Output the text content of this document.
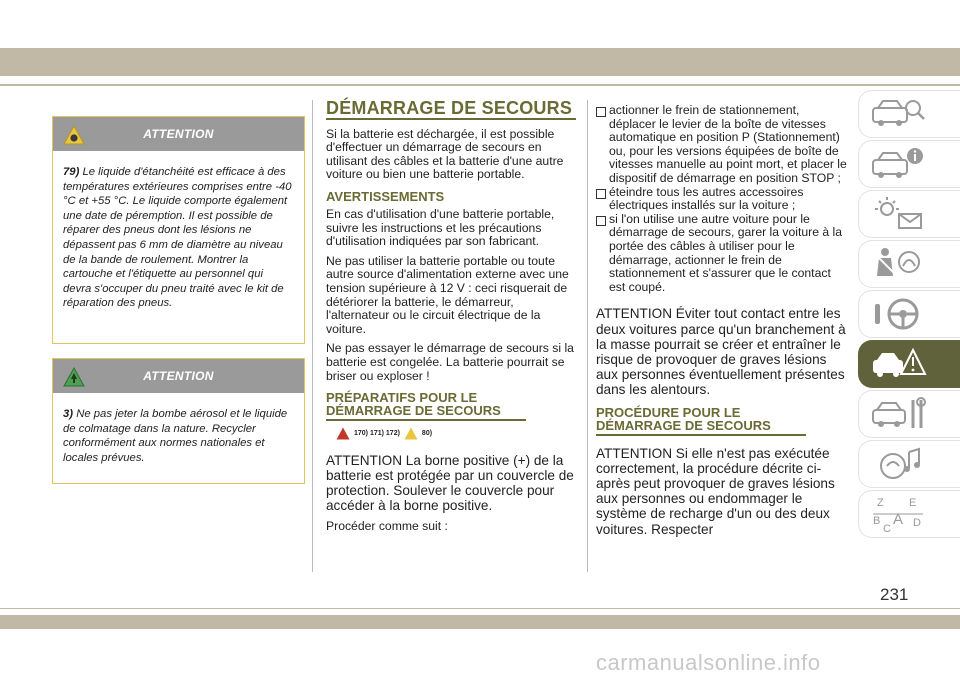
ATTENTION
79) Le liquide d'étanchéité est efficace à des températures extérieures comprises entre -40 °C et +55 °C. Le liquide comporte également une date de péremption. Il est possible de réparer des pneus dont les lésions ne dépassent pas 6 mm de diamètre au niveau de la bande de roulement. Montrer la cartouche et l'étiquette au personnel qui devra s'occuper du pneu traité avec le kit de réparation des pneus.
ATTENTION
3) Ne pas jeter la bombe aérosol et le liquide de colmatage dans la nature. Recycler conformément aux normes nationales et locales prévues.
DÉMARRAGE DE SECOURS

Si la batterie est déchargée, il est possible d'effectuer un démarrage de secours en utilisant des câbles et la batterie d'une autre voiture ou bien une batterie portable.

AVERTISSEMENTS

En cas d'utilisation d'une batterie portable, suivre les instructions et les précautions d'utilisation indiquées par son fabricant.

Ne pas utiliser la batterie portable ou toute autre source d'alimentation externe avec une tension supérieure à 12 V : ceci risquerait de détériorer la batterie, le démarreur, l'alternateur ou le circuit électrique de la voiture.

Ne pas essayer le démarrage de secours si la batterie est congelée. La batterie pourrait se briser ou exploser !

PRÉPARATIFS POUR LE DÉMARRAGE DE SECOURS
170) 171) 172)	80)

ATTENTION La borne positive (+) de la batterie est protégée par un couvercle de protection. Soulever le couvercle pour accéder à la borne positive.

Procéder comme suit :

actionner le frein de stationnement, déplacer le levier de la boîte de vitesses automatique en position P (Stationnement) ou, pour les versions équipées de boîte de vitesses manuelle au point mort, et placer le dispositif de démarrage en position STOP ;
éteindre tous les autres accessoires électriques installés sur la voiture ;
si l'on utilise une autre voiture pour le démarrage de secours, garer la voiture à la portée des câbles à utiliser pour le démarrage, actionner le frein de stationnement et s'assurer que le contact est coupé.

ATTENTION Éviter tout contact entre les deux voitures parce qu'un branchement à la masse pourrait se créer et entraîner le risque de provoquer de graves lésions aux personnes éventuellement présentes dans les alentours.

PROCÉDURE POUR LE DÉMARRAGE DE SECOURS

ATTENTION Si elle n'est pas exécutée correctement, la procédure décrite ci-après peut provoquer de graves lésions aux personnes ou endommager le système de recharge d'un ou des deux voitures. Respecter

Z E
B A
C D
231
carmanualsonline.info
